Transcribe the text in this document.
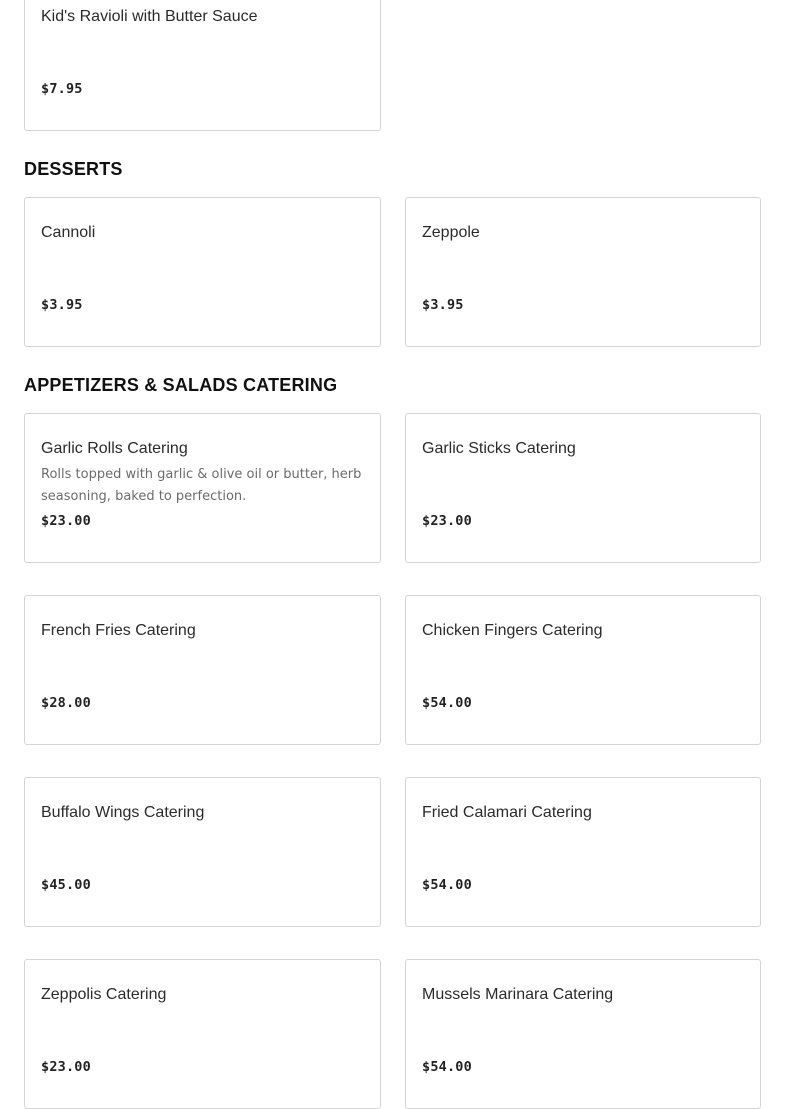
Kid's Ravioli with Butter Sauce
$7.95
DESSERTS
Cannoli
$3.95
Zeppole
$3.95
APPETIZERS & SALADS CATERING
Garlic Rolls Catering
Rolls topped with garlic & olive oil or butter, herb seasoning, baked to perfection.
$23.00
Garlic Sticks Catering
$23.00
French Fries Catering
$28.00
Chicken Fingers Catering
$54.00
Buffalo Wings Catering
$45.00
Fried Calamari Catering
$54.00
Zeppolis Catering
$23.00
Mussels Marinara Catering
$54.00
